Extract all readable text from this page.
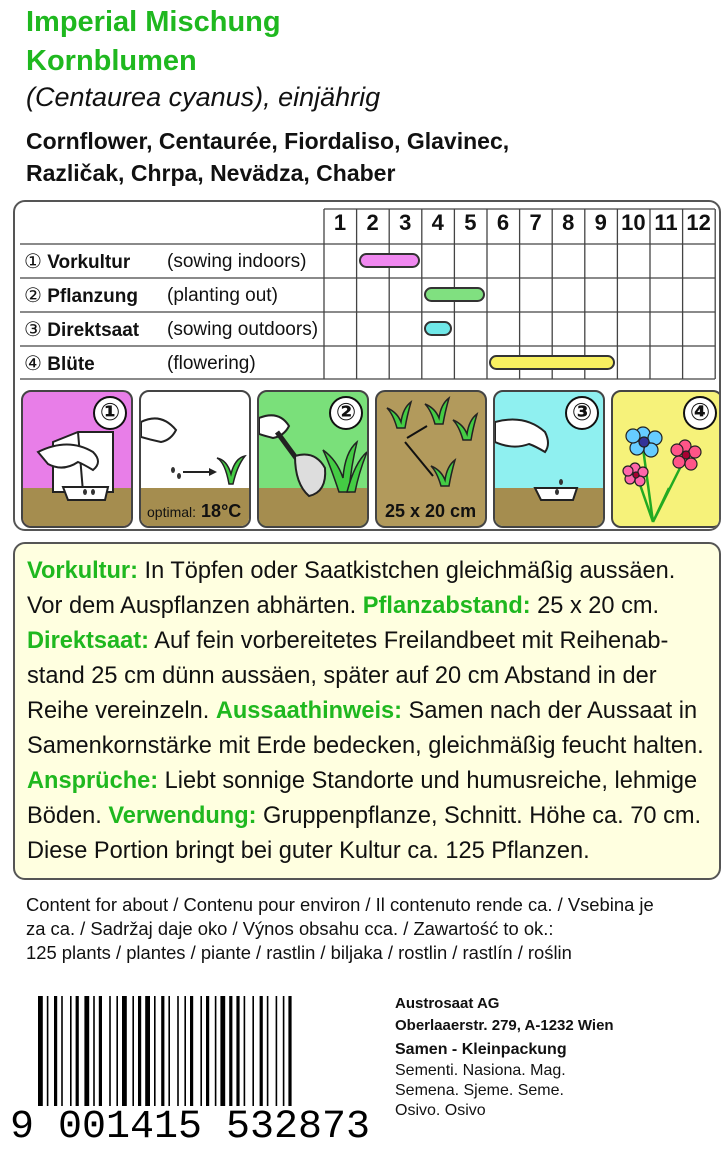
Imperial Mischung
Kornblumen
(Centaurea cyanus), einjährig
Cornflower, Centaurée, Fiordaliso, Glavinec,
Različak, Chrpa, Nevädza, Chaber
1 2 3 4 5 6 7 8 9 10 11 12
① Vorkultur (sowing indoors)
② Pflanzung (planting out)
③ Direktsaat (sowing outdoors)
④ Blüte	(flowering)
①
optimal: 18°C
②
25 x 20 cm
③	④
Vorkultur: In Töpfen oder Saatkistchen gleichmäßig aussäen.
Vor dem Auspflanzen abhärten. Pflanzabstand: 25 x 20 cm.
Direktsaat: Auf fein vorbereitetes Freilandbeet mit Reihenab-
stand 25 cm dünn aussäen, später auf 20 cm Abstand in der
Reihe vereinzeln. Aussaathinweis: Samen nach der Aussaat in
Samenkornstärke mit Erde bedecken, gleichmäßig feucht halten.
Ansprüche: Liebt sonnige Standorte und humusreiche, lehmige
Böden. Verwendung: Gruppenpflanze, Schnitt. Höhe ca. 70 cm.
Diese Portion bringt bei guter Kultur ca. 125 Pflanzen.
Content for about / Contenu pour environ / Il contenuto rende ca. / Vsebina je
za ca. / Sadržaj daje oko / Výnos obsahu cca. / Zawartość to ok.:
125 plants / plantes / piante / rastlin / biljaka / rostlin / rastlín / roślin
9 001415 532873
Austrosaat AG
Oberlaaerstr. 279, A-1232 Wien
Samen - Kleinpackung
Sementi. Nasiona. Mag.
Semena. Sjeme. Seme.
Osivo. Osivo
